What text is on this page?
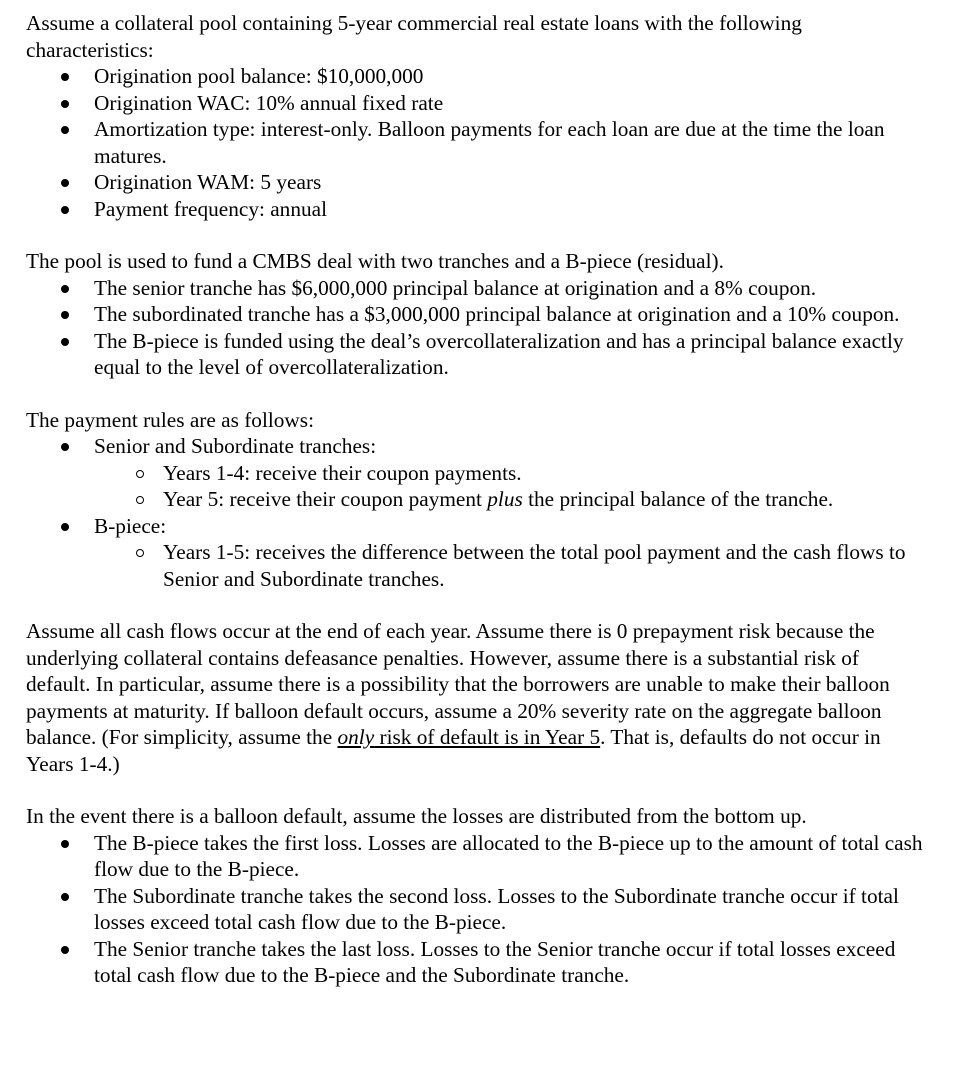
Assume a collateral pool containing 5-year commercial real estate loans with the following characteristics:

Origination pool balance: $10,000,000
Origination WAC: 10% annual fixed rate
Amortization type: interest-only. Balloon payments for each loan are due at the time the loan matures.
Origination WAM: 5 years
Payment frequency: annual

The pool is used to fund a CMBS deal with two tranches and a B-piece (residual).

The senior tranche has $6,000,000 principal balance at origination and a 8% coupon.
The subordinated tranche has a $3,000,000 principal balance at origination and a 10% coupon.
The B-piece is funded using the deal’s overcollateralization and has a principal balance exactly equal to the level of overcollateralization.

The payment rules are as follows:

Senior and Subordinate tranches:
Years 1-4: receive their coupon payments.
Year 5: receive their coupon payment plus the principal balance of the tranche.
B-piece:
Years 1-5: receives the difference between the total pool payment and the cash flows to Senior and Subordinate tranches.

Assume all cash flows occur at the end of each year. Assume there is 0 prepayment risk because the underlying collateral contains defeasance penalties. However, assume there is a substantial risk of default. In particular, assume there is a possibility that the borrowers are unable to make their balloon payments at maturity. If balloon default occurs, assume a 20% severity rate on the aggregate balloon balance. (For simplicity, assume the only risk of default is in Year 5. That is, defaults do not occur in Years 1-4.)

In the event there is a balloon default, assume the losses are distributed from the bottom up.

The B-piece takes the first loss. Losses are allocated to the B-piece up to the amount of total cash flow due to the B-piece.
The Subordinate tranche takes the second loss. Losses to the Subordinate tranche occur if total losses exceed total cash flow due to the B-piece.
The Senior tranche takes the last loss. Losses to the Senior tranche occur if total losses exceed total cash flow due to the B-piece and the Subordinate tranche.
